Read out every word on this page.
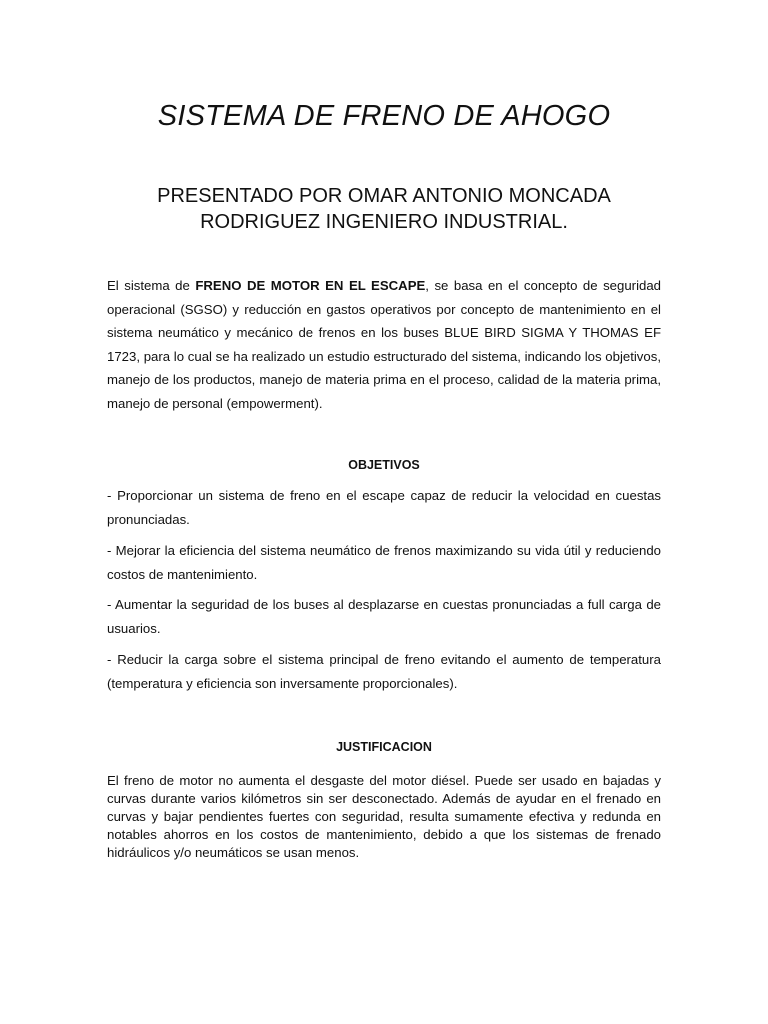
SISTEMA DE FRENO DE AHOGO
PRESENTADO POR OMAR ANTONIO MONCADA RODRIGUEZ INGENIERO INDUSTRIAL.
El sistema de FRENO DE MOTOR EN EL ESCAPE, se basa en el concepto de seguridad operacional (SGSO) y reducción en gastos operativos por concepto de mantenimiento en el sistema neumático y mecánico de frenos en los buses BLUE BIRD SIGMA Y THOMAS EF 1723, para lo cual se ha realizado un estudio estructurado del sistema, indicando los objetivos, manejo de los productos, manejo de materia prima en el proceso, calidad de la materia prima, manejo de personal (empowerment).
OBJETIVOS
- Proporcionar un sistema de freno en el escape capaz de reducir la velocidad en cuestas pronunciadas.
- Mejorar la eficiencia del sistema neumático de frenos maximizando su vida útil y reduciendo costos de mantenimiento.
- Aumentar la seguridad de los buses al desplazarse en cuestas pronunciadas a full carga de usuarios.
- Reducir la carga sobre el sistema principal de freno evitando el aumento de temperatura (temperatura y eficiencia son inversamente proporcionales).
JUSTIFICACION
El freno de motor no aumenta el desgaste del motor diésel. Puede ser usado en bajadas y curvas durante varios kilómetros sin ser desconectado. Además de ayudar en el frenado en curvas y bajar pendientes fuertes con seguridad, resulta sumamente efectiva y redunda en notables ahorros en los costos de mantenimiento, debido a que los sistemas de frenado hidráulicos y/o neumáticos se usan menos.
